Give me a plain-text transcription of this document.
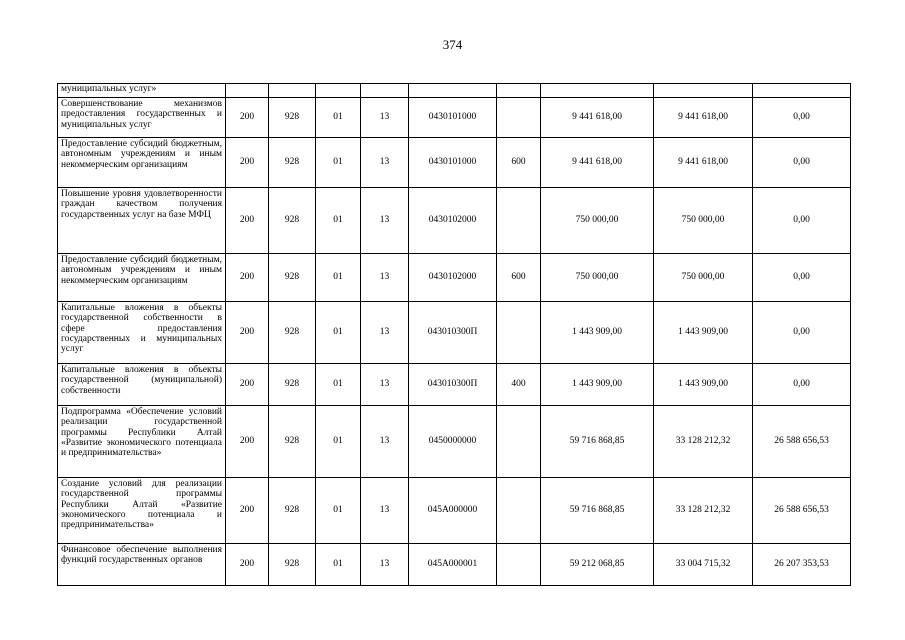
374
муниципальных услуг»									
Совершенствование механизмов предоставления государственных и муниципальных услуг	200	928	01	13	0430101000		9 441 618,00	9 441 618,00	0,00
Предоставление субсидий бюджетным, автономным учреждениям и иным некоммерческим организациям	200	928	01	13	0430101000	600	9 441 618,00	9 441 618,00	0,00
Повышение уровня удовлетворенности граждан качеством получения государственных услуг на базе МФЦ	200	928	01	13	0430102000		750 000,00	750 000,00	0,00
Предоставление субсидий бюджетным, автономным учреждениям и иным некоммерческим организациям	200	928	01	13	0430102000	600	750 000,00	750 000,00	0,00
Капитальные вложения в объекты государственной собственности в сфере предоставления государственных и муниципальных услуг	200	928	01	13	043010300П		1 443 909,00	1 443 909,00	0,00
Капитальные вложения в объекты государственной (муниципальной) собственности	200	928	01	13	043010300П	400	1 443 909,00	1 443 909,00	0,00
Подпрограмма «Обеспечение условий реализации государственной программы Республики Алтай «Развитие экономического потенциала и предпринимательства»	200	928	01	13	0450000000		59 716 868,85	33 128 212,32	26 588 656,53
Создание условий для реализации государственной программы Республики Алтай «Развитие экономического потенциала и предпринимательства»	200	928	01	13	045А000000		59 716 868,85	33 128 212,32	26 588 656,53
Финансовое обеспечение выполнения функций государственных органов	200	928	01	13	045А000001		59 212 068,85	33 004 715,32	26 207 353,53
